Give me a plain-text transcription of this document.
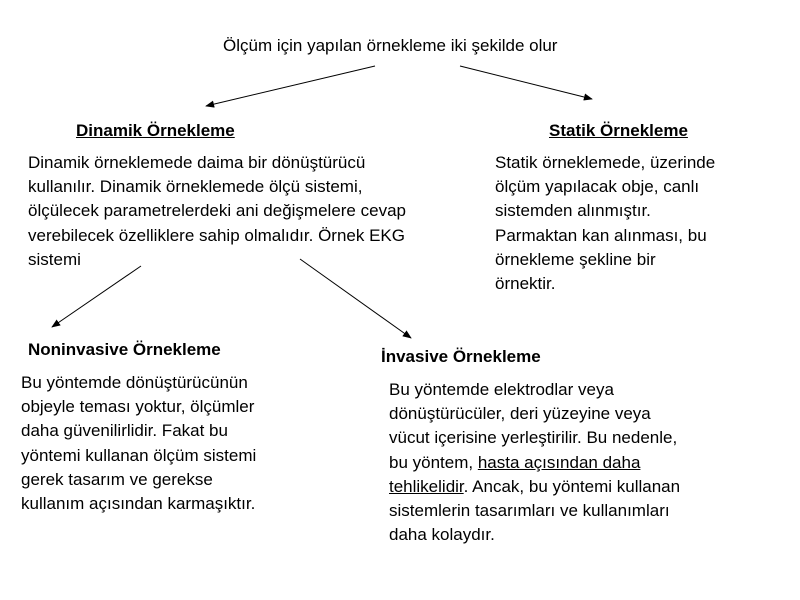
Ölçüm için yapılan örnekleme iki şekilde olur
Dinamik Örnekleme	Statik Örnekleme
Dinamik örneklemede daima bir dönüştürücü
kullanılır. Dinamik örneklemede ölçü sistemi,
ölçülecek parametrelerdeki ani değişmelere cevap
verebilecek özelliklere sahip olmalıdır. Örnek EKG
sistemi
Statik örneklemede, üzerinde
ölçüm yapılacak obje, canlı
sistemden alınmıştır.
Parmaktan kan alınması, bu
örnekleme şekline bir
örnektir.
Noninvasive Örnekleme	İnvasive Örnekleme
Bu yöntemde dönüştürücünün
objeyle teması yoktur, ölçümler
daha güvenilirlidir. Fakat bu
yöntemi kullanan ölçüm sistemi
gerek tasarım ve gerekse
kullanım açısından karmaşıktır.
Bu yöntemde elektrodlar veya
dönüştürücüler, deri yüzeyine veya
vücut içerisine yerleştirilir. Bu nedenle,
bu yöntem, hasta açısından daha
tehlikelidir. Ancak, bu yöntemi kullanan
sistemlerin tasarımları ve kullanımları
daha kolaydır.
